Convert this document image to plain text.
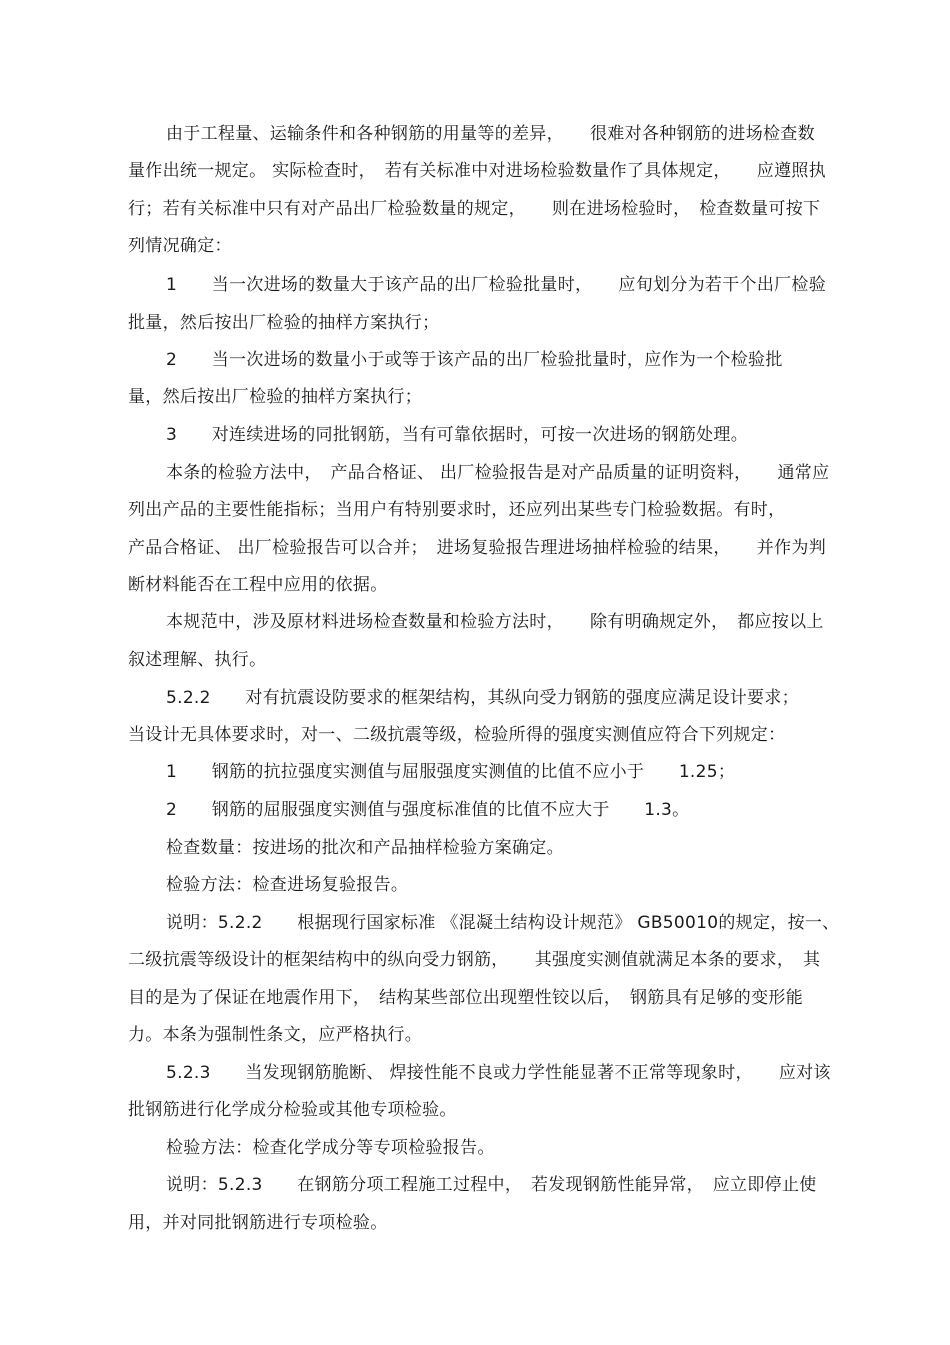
由于工程量、运输条件和各种钢筋的用量等的差异，　　很难对各种钢筋的进场检查数
量作出统一规定。 实际检查时，　若有关标准中对进场检验数量作了具体规定，　　应遵照执
行；若有关标准中只有对产品出厂检验数量的规定，　　则在进场检验时，　检查数量可按下
列情况确定：
1　　当一次进场的数量大于该产品的出厂检验批量时，　　应旬划分为若干个出厂检验
批量，然后按出厂检验的抽样方案执行；
2　　当一次进场的数量小于或等于该产品的出厂检验批量时，应作为一个检验批
量，然后按出厂检验的抽样方案执行；
3　　对连续进场的同批钢筋，当有可靠依据时，可按一次进场的钢筋处理。
本条的检验方法中，　产品合格证、 出厂检验报告是对产品质量的证明资料，　　通常应
列出产品的主要性能指标；当用户有特别要求时，还应列出某些专门检验数据。有时，
产品合格证、 出厂检验报告可以合并；　进场复验报告理进场抽样检验的结果，　　并作为判
断材料能否在工程中应用的依据。
本规范中，涉及原材料进场检查数量和检验方法时，　　除有明确规定外，　都应按以上
叙述理解、执行。
5.2.2　　对有抗震设防要求的框架结构，其纵向受力钢筋的强度应满足设计要求；
当设计无具体要求时，对一、二级抗震等级，检验所得的强度实测值应符合下列规定：
1　　钢筋的抗拉强度实测值与屈服强度实测值的比值不应小于　　1.25；
2　　钢筋的屈服强度实测值与强度标准值的比值不应大于　　1.3。
检查数量：按进场的批次和产品抽样检验方案确定。
检验方法：检查进场复验报告。
说明：5.2.2　　根据现行国家标准 《混凝土结构设计规范》 GB50010的规定，按一、
二级抗震等级设计的框架结构中的纵向受力钢筋，　　其强度实测值就满足本条的要求，　其
目的是为了保证在地震作用下，　结构某些部位出现塑性铰以后，　钢筋具有足够的变形能
力。本条为强制性条文，应严格执行。
5.2.3　　当发现钢筋脆断、 焊接性能不良或力学性能显著不正常等现象时，　　应对该
批钢筋进行化学成分检验或其他专项检验。
检验方法：检查化学成分等专项检验报告。
说明：5.2.3　　在钢筋分项工程施工过程中，　若发现钢筋性能异常，　应立即停止使
用，并对同批钢筋进行专项检验。
